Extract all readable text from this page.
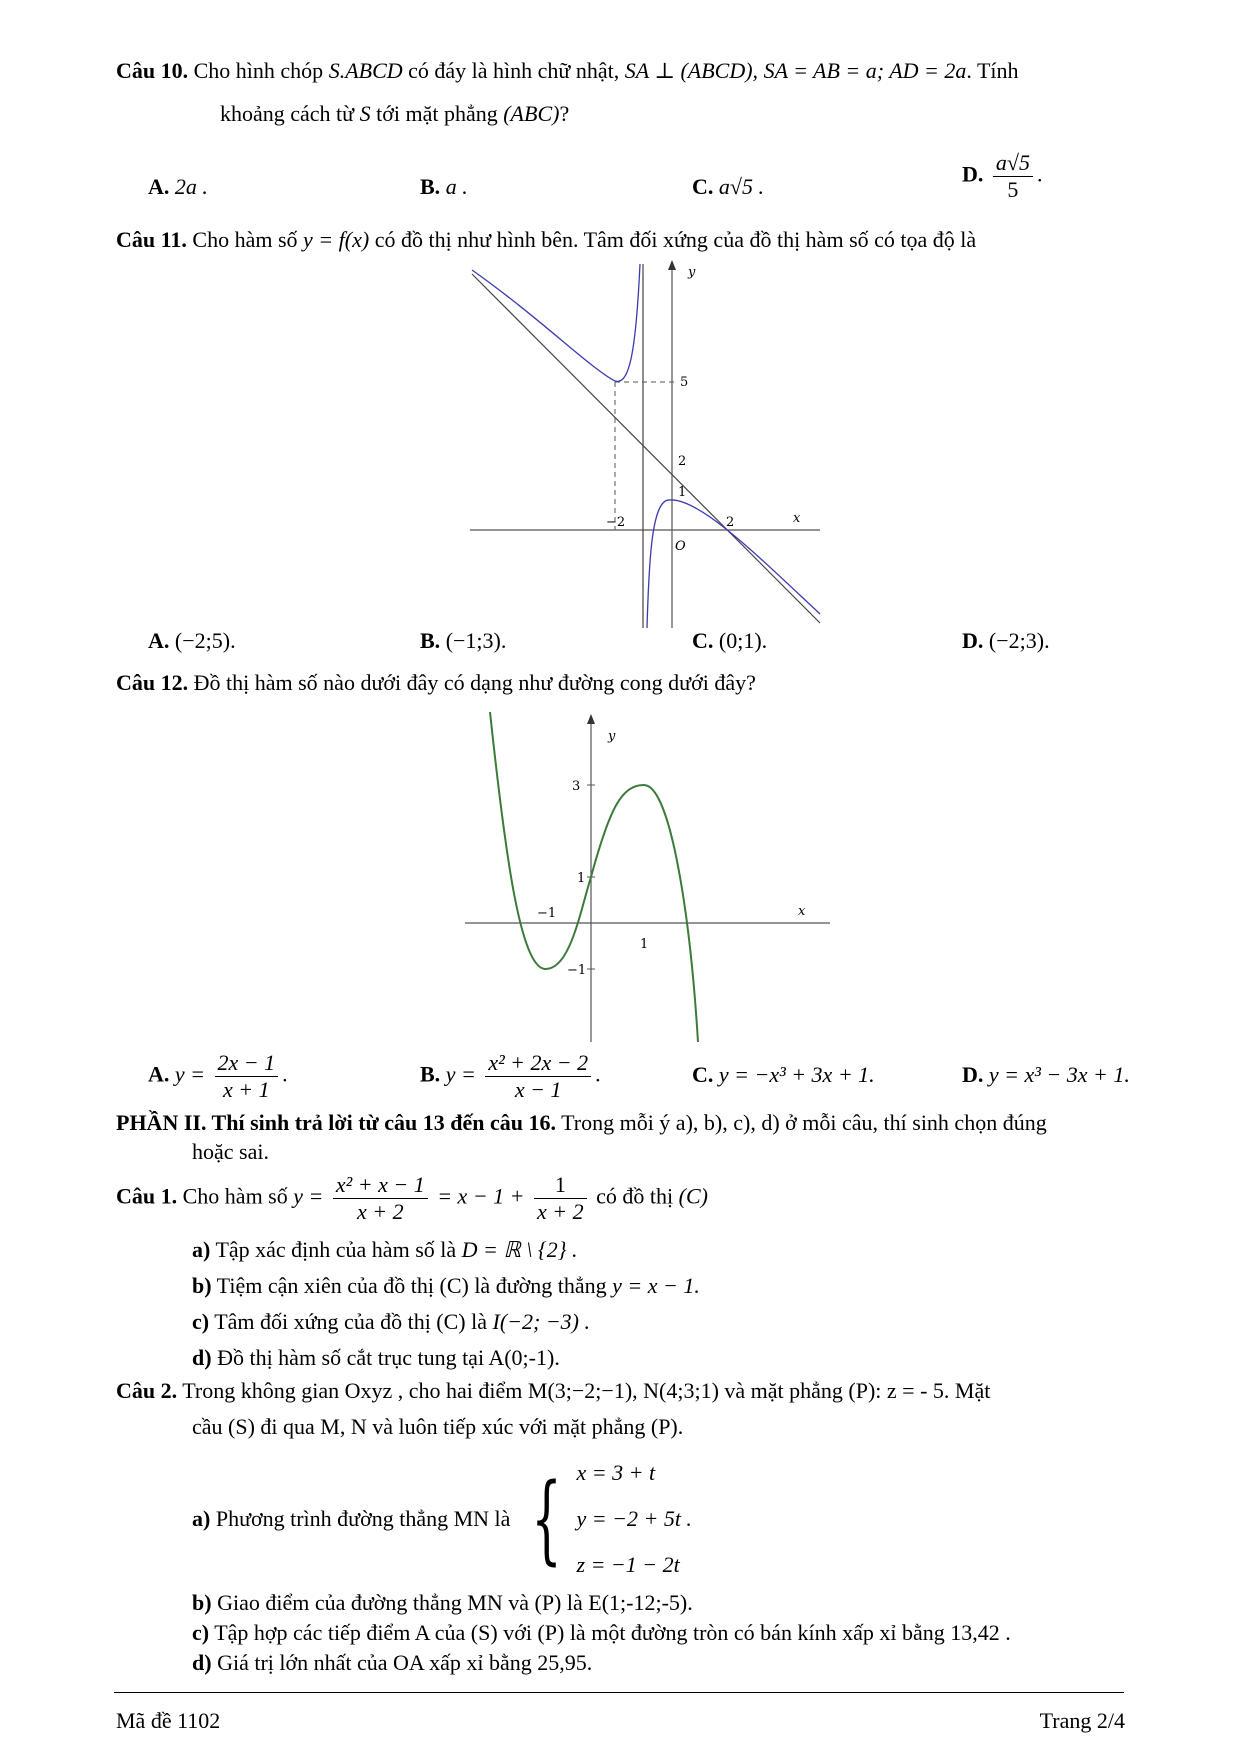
Câu 10. Cho hình chóp S.ABCD có đáy là hình chữ nhật, SA ⊥ (ABCD), SA = AB = a; AD = 2a. Tính
khoảng cách từ S tới mặt phẳng (ABC)?
A. 2a .	B. a .	C. a√5 .	D. $\frac{a√5}{5}$ .
Câu 11. Cho hàm số y = f(x) có đồ thị như hình bên. Tâm đối xứng của đồ thị hàm số có tọa độ là
y
x
O
5
2
1
−2	2
A. (−2;5).	B. (−1;3).	C. (0;1).	D. (−2;3).
Câu 12. Đồ thị hàm số nào dưới đây có dạng như đường cong dưới đây?
y
x
3
1
−1
1
−1
A. $y = \frac{2x - 1}{x + 1}$ .	B. $y = \frac{\text{x² + 2x − 2}}{x - 1}$ .	C. y = −x³ + 3x + 1.	D. y = x³ − 3x + 1.
PHẦN II. Thí sinh trả lời từ câu 13 đến câu 16. Trong mỗi ý a), b), c), d) ở mỗi câu, thí sinh chọn đúng
hoặc sai.
Câu 1. Cho hàm số $y = \frac{\text{x² + x − 1}}{x + 2} = x - 1 + \frac{1}{x + 2}$ có đồ thị (C)
a) Tập xác định của hàm số là D = ℝ \ {2} .
b) Tiệm cận xiên của đồ thị (C) là đường thẳng y = x − 1.
c) Tâm đối xứng của đồ thị (C) là I(−2; −3) .
d) Đồ thị hàm số cắt trục tung tại A(0;-1).
Câu 2. Trong không gian Oxyz , cho hai điểm M(3;−2;−1), N(4;3;1) và mặt phẳng (P): z = - 5. Mặt
cầu (S) đi qua M, N và luôn tiếp xúc với mặt phẳng (P).
a) Phương trình đường thẳng MN là { x = 3 + t
y = −2 + 5t .
z = −1 − 2t
b) Giao điểm của đường thẳng MN và (P) là E(1;-12;-5).
c) Tập hợp các tiếp điểm A của (S) với (P) là một đường tròn có bán kính xấp xỉ bằng 13,42 .
d) Giá trị lớn nhất của OA xấp xỉ bằng 25,95.
Mã đề 1102	Trang 2/4
